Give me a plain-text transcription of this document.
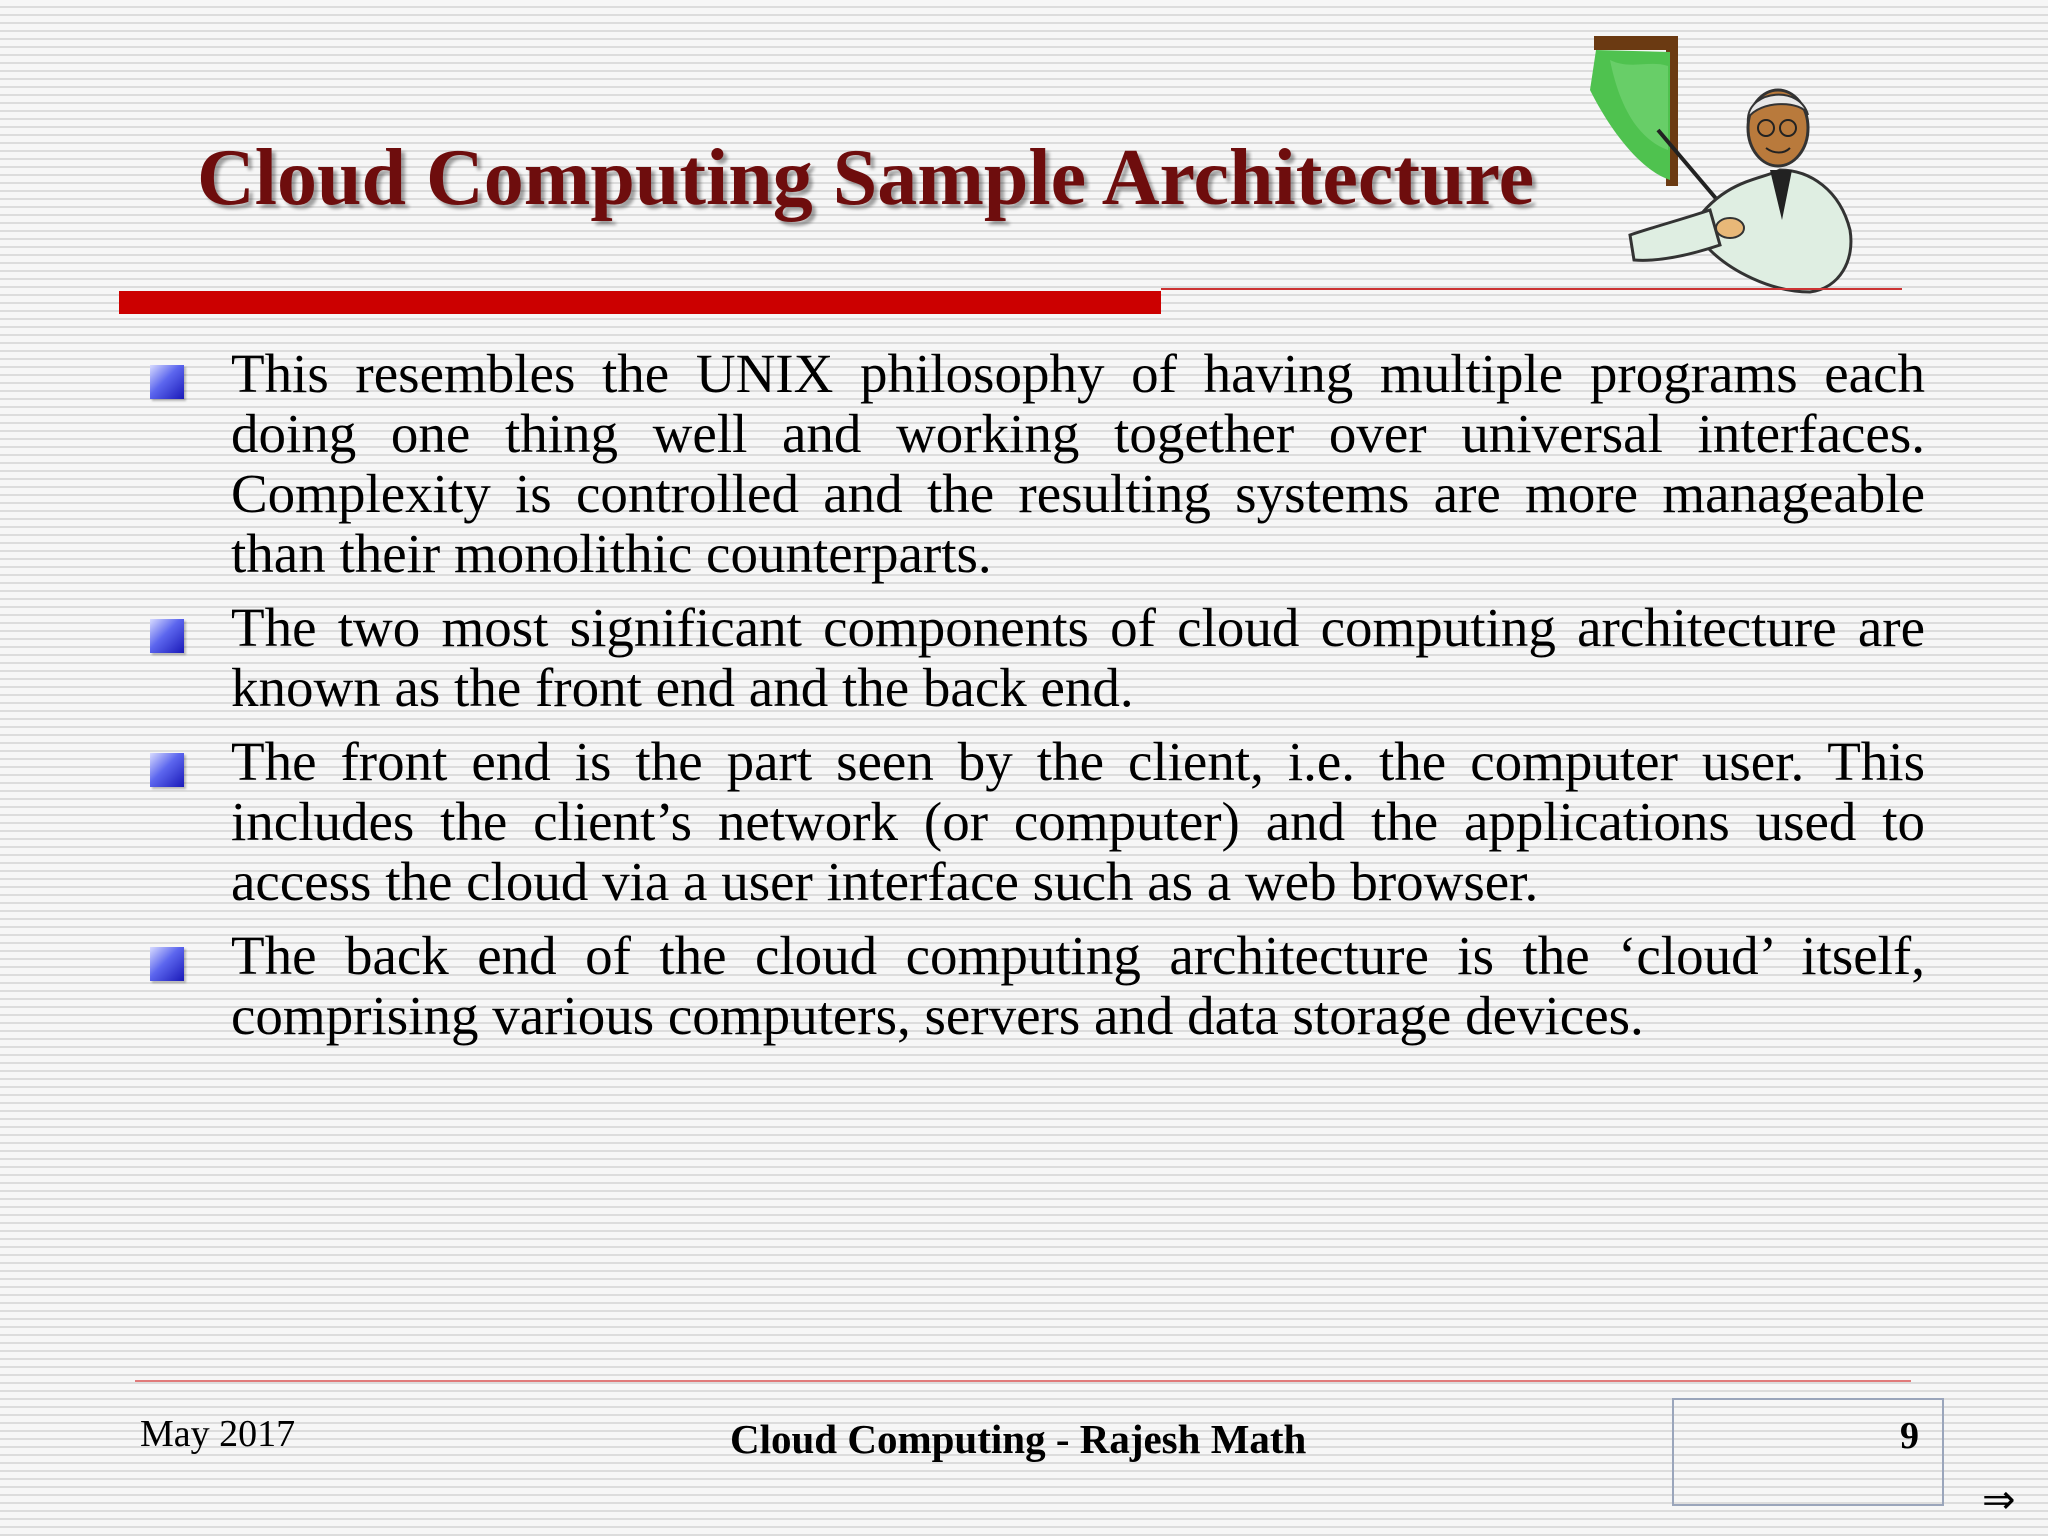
Cloud Computing Sample Architecture
This resembles the UNIX philosophy of having multiple programs each doing one thing well and working together over universal interfaces. Complexity is controlled and the resulting systems are more manageable than their monolithic counterparts.
The two most significant components of cloud computing architecture are known as the front end and the back end.
The front end is the part seen by the client, i.e. the computer user. This includes the client’s network (or computer) and the applications used to access the cloud via a user interface such as a web browser.
The back end of the cloud computing architecture is the ‘cloud’ itself, comprising various computers, servers and data storage devices.
May 2017	Cloud Computing - Rajesh Math	9
⇒
